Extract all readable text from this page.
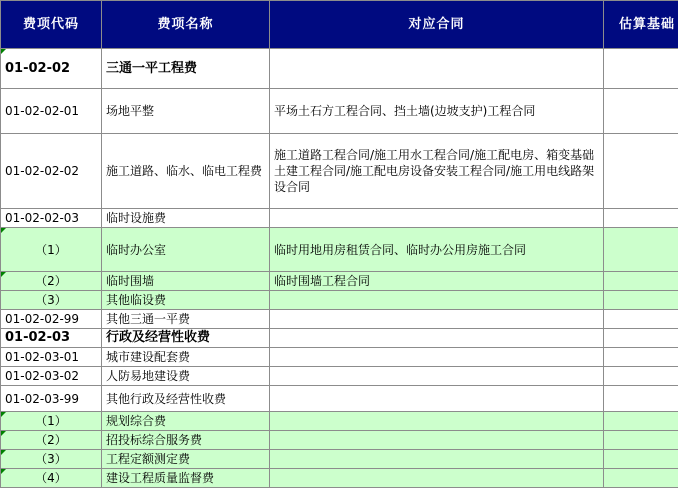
费项代码	费项名称	对应合同	估算基础

01-02-02	三通一平工程费		
01-02-02-01	场地平整	平场土石方工程合同、挡土墙(边坡支护)工程合同	
01-02-02-02	施工道路、临水、临电工程费	施工道路工程合同/施工用水工程合同/施工配电房、箱变基础土建工程合同/施工配电房设备安装工程合同/施工用电线路架设合同	
01-02-02-03	临时设施费		

（1）	临时办公室	临时用地用房租赁合同、临时办公用房施工合同	

（2）	临时围墙	临时围墙工程合同	
（3）	其他临设费		
01-02-02-99	其他三通一平费		
01-02-03	行政及经营性收费		
01-02-03-01	城市建设配套费		
01-02-03-02	人防易地建设费		
01-02-03-99	其他行政及经营性收费		

（1）	规划综合费		

（2）	招投标综合服务费		

（3）	工程定额测定费		

（4）	建设工程质量监督费		
